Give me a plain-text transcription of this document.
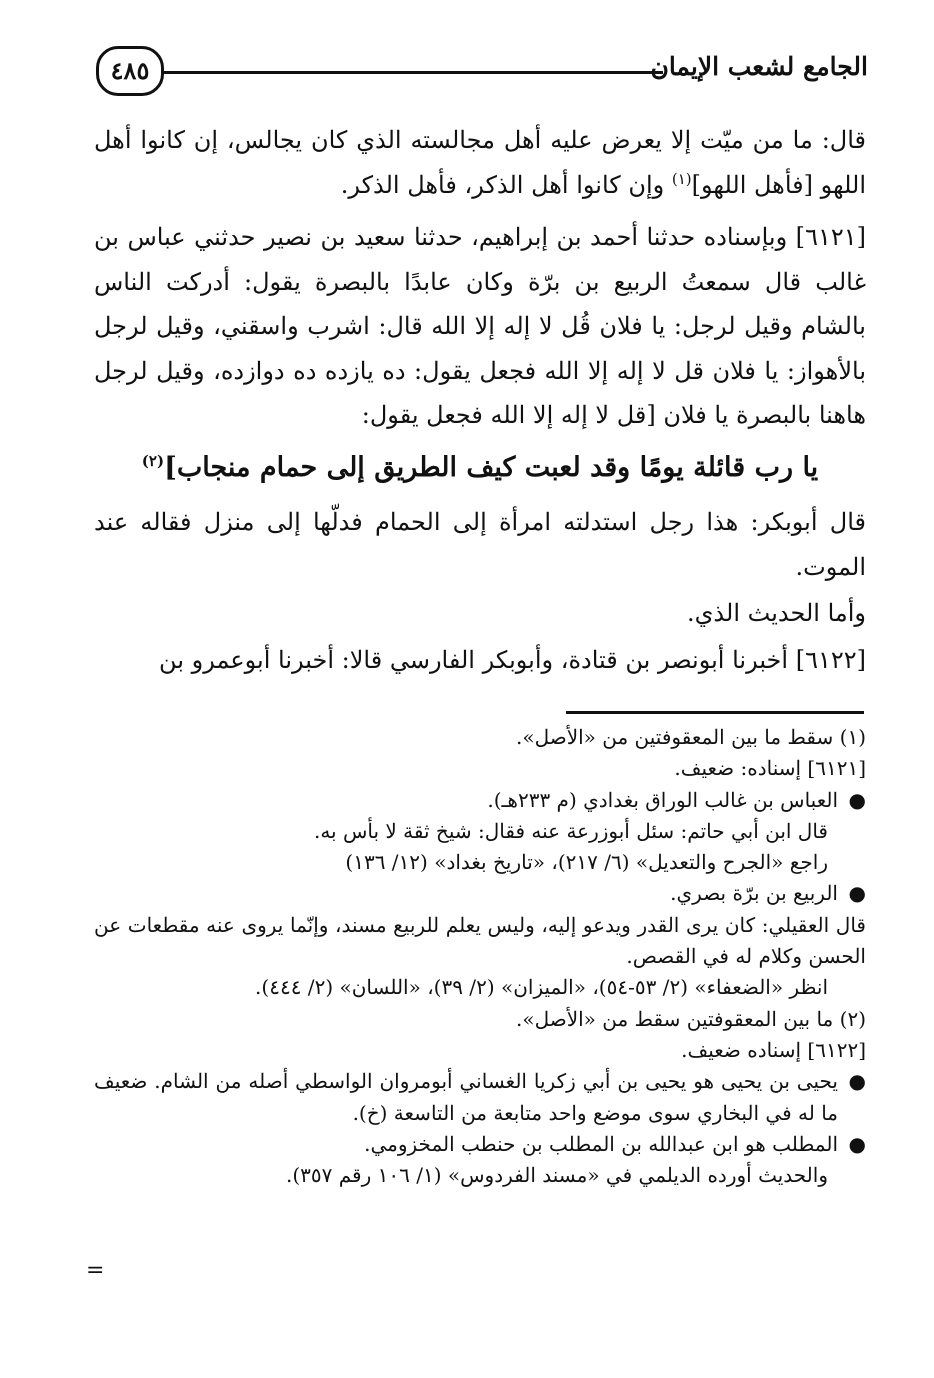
الجامع لشعب الإيمان
٤٨٥

قال: ما من ميّت إلا يعرض عليه أهل مجالسته الذي كان يجالس، إن كانوا أهل اللهو [فأهل اللهو]$^{(١)}$ وإن كانوا أهل الذكر، فأهل الذكر.

[٦١٢١] وبإسناده حدثنا أحمد بن إبراهيم، حدثنا سعيد بن نصير حدثني عباس بن غالب قال سمعتُ الربيع بن برّة وكان عابدًا بالبصرة يقول: أدركت الناس بالشام وقيل لرجل: يا فلان قُل لا إله إلا الله قال: اشرب واسقني، وقيل لرجل بالأهواز: يا فلان قل لا إله إلا الله فجعل يقول: ده يازده ده دوازده، وقيل لرجل هاهنا بالبصرة يا فلان [قل لا إله إلا الله فجعل يقول:

يا رب قائلة يومًا وقد لعبت كيف الطريق إلى حمام منجاب]$^{(٢)}$

قال أبوبكر: هذا رجل استدلته امرأة إلى الحمام فدلّها إلى منزل فقاله عند الموت.

وأما الحديث الذي.

[٦١٢٢] أخبرنا أبونصر بن قتادة، وأبوبكر الفارسي قالا: أخبرنا أبوعمرو بن

(١) سقط ما بين المعقوفتين من «الأصل».

[٦١٢١] إسناده: ضعيف.

●
العباس بن غالب الوراق بغدادي (م ٢٣٣هـ).

قال ابن أبي حاتم: سئل أبوزرعة عنه فقال: شيخ ثقة لا بأس به.

راجع «الجرح والتعديل» (٦/ ٢١٧)، «تاريخ بغداد» (١٢/ ١٣٦)

●
الربيع بن برّة بصري.

قال العقيلي: كان يرى القدر ويدعو إليه، وليس يعلم للربيع مسند، وإنّما يروى عنه مقطعات عن الحسن وكلام له في القصص.

انظر «الضعفاء» (٢/ ٥٣-٥٤)، «الميزان» (٢/ ٣٩)، «اللسان» (٢/ ٤٤٤).

(٢) ما بين المعقوفتين سقط من «الأصل».

[٦١٢٢] إسناده ضعيف.

●
يحيى بن يحيى هو يحيى بن أبي زكريا الغساني أبومروان الواسطي أصله من الشام. ضعيف ما له في البخاري سوى موضع واحد متابعة من التاسعة (خ).

●
المطلب هو ابن عبدالله بن المطلب بن حنطب المخزومي.

والحديث أورده الديلمي في «مسند الفردوس» (١/ ١٠٦ رقم ٣٥٧).

=
